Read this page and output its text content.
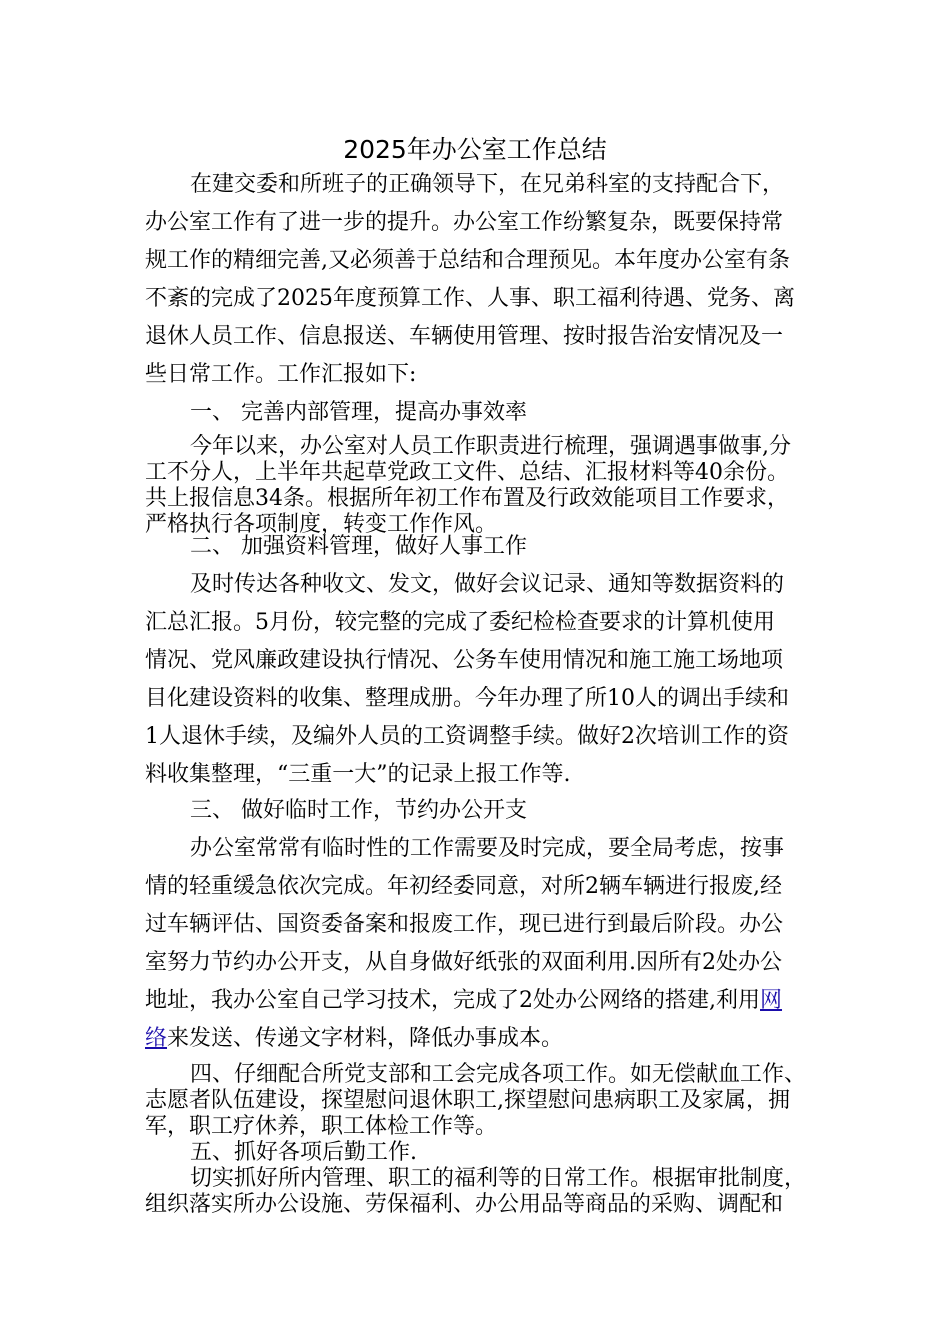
2025年办公室工作总结
在建交委和所班子的正确领导下，在兄弟科室的支持配合下，
办公室工作有了进一步的提升。办公室工作纷繁复杂，既要保持常
规工作的精细完善,又必须善于总结和合理预见。本年度办公室有条
不紊的完成了2025年度预算工作、人事、职工福利待遇、党务、离
退休人员工作、信息报送、车辆使用管理、按时报告治安情况及一
些日常工作。工作汇报如下:
一、 完善内部管理，提高办事效率
今年以来，办公室对人员工作职责进行梳理，强调遇事做事,分
工不分人，上半年共起草党政工文件、总结、汇报材料等40余份。
共上报信息34条。根据所年初工作布置及行政效能项目工作要求，
严格执行各项制度，转变工作作风。
二、 加强资料管理，做好人事工作
及时传达各种收文、发文，做好会议记录、通知等数据资料的
汇总汇报。5月份，较完整的完成了委纪检检查要求的计算机使用
情况、党风廉政建设执行情况、公务车使用情况和施工施工场地项
目化建设资料的收集、整理成册。今年办理了所10人的调出手续和
1人退休手续，及编外人员的工资调整手续。做好2次培训工作的资
料收集整理，“三重一大”的记录上报工作等.
三、 做好临时工作，节约办公开支
办公室常常有临时性的工作需要及时完成，要全局考虑，按事
情的轻重缓急依次完成。年初经委同意，对所2辆车辆进行报废,经
过车辆评估、国资委备案和报废工作，现已进行到最后阶段。办公
室努力节约办公开支，从自身做好纸张的双面利用.因所有2处办公
地址，我办公室自己学习技术，完成了2处办公网络的搭建,利用网
络来发送、传递文字材料，降低办事成本。
四、仔细配合所党支部和工会完成各项工作。如无偿献血工作、
志愿者队伍建设，探望慰问退休职工,探望慰问患病职工及家属，拥
军，职工疗休养，职工体检工作等。
五、抓好各项后勤工作.
切实抓好所内管理、职工的福利等的日常工作。根据审批制度，
组织落实所办公设施、劳保福利、办公用品等商品的采购、调配和
